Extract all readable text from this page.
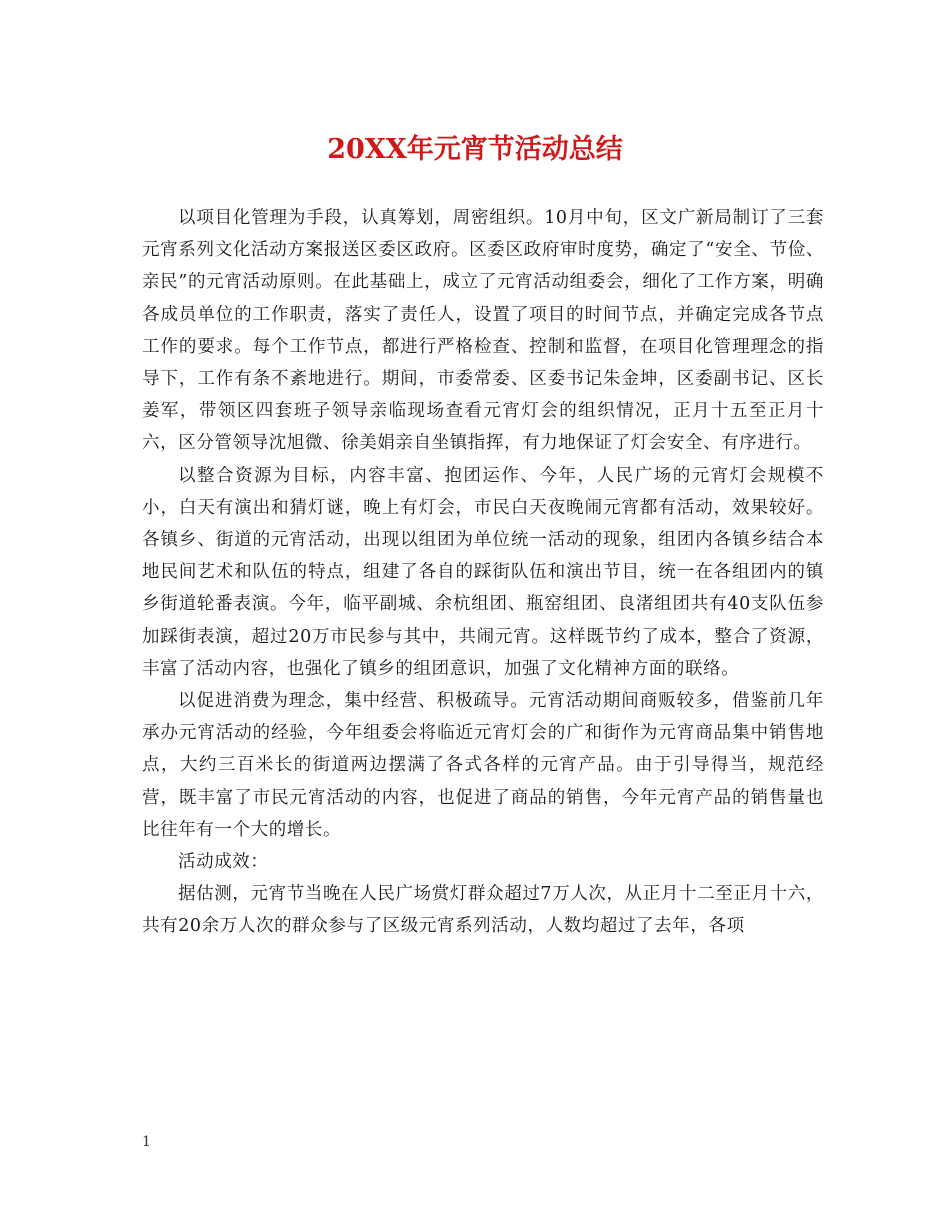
20XX年元宵节活动总结

以项目化管理为手段，认真筹划，周密组织。10月中旬，区文广新局制订了三套元宵系列文化活动方案报送区委区政府。区委区政府审时度势，确定了“安全、节俭、亲民”的元宵活动原则。在此基础上，成立了元宵活动组委会，细化了工作方案，明确各成员单位的工作职责，落实了责任人，设置了项目的时间节点，并确定完成各节点工作的要求。每个工作节点，都进行严格检查、控制和监督，在项目化管理理念的指导下，工作有条不紊地进行。期间，市委常委、区委书记朱金坤，区委副书记、区长姜军，带领区四套班子领导亲临现场查看元宵灯会的组织情况，正月十五至正月十六，区分管领导沈旭微、徐美娟亲自坐镇指挥，有力地保证了灯会安全、有序进行。

以整合资源为目标，内容丰富、抱团运作、今年，人民广场的元宵灯会规模不小，白天有演出和猜灯谜，晚上有灯会，市民白天夜晚闹元宵都有活动，效果较好。各镇乡、街道的元宵活动，出现以组团为单位统一活动的现象，组团内各镇乡结合本地民间艺术和队伍的特点，组建了各自的踩街队伍和演出节目，统一在各组团内的镇乡街道轮番表演。今年，临平副城、余杭组团、瓶窑组团、良渚组团共有40支队伍参加踩街表演，超过20万市民参与其中，共闹元宵。这样既节约了成本，整合了资源，丰富了活动内容，也强化了镇乡的组团意识，加强了文化精神方面的联络。

以促进消费为理念，集中经营、积极疏导。元宵活动期间商贩较多，借鉴前几年承办元宵活动的经验，今年组委会将临近元宵灯会的广和街作为元宵商品集中销售地点，大约三百米长的街道两边摆满了各式各样的元宵产品。由于引导得当，规范经营，既丰富了市民元宵活动的内容，也促进了商品的销售，今年元宵产品的销售量也比往年有一个大的增长。

活动成效：

据估测，元宵节当晚在人民广场赏灯群众超过7万人次，从正月十二至正月十六，共有20余万人次的群众参与了区级元宵系列活动，人数均超过了去年，各项

1
